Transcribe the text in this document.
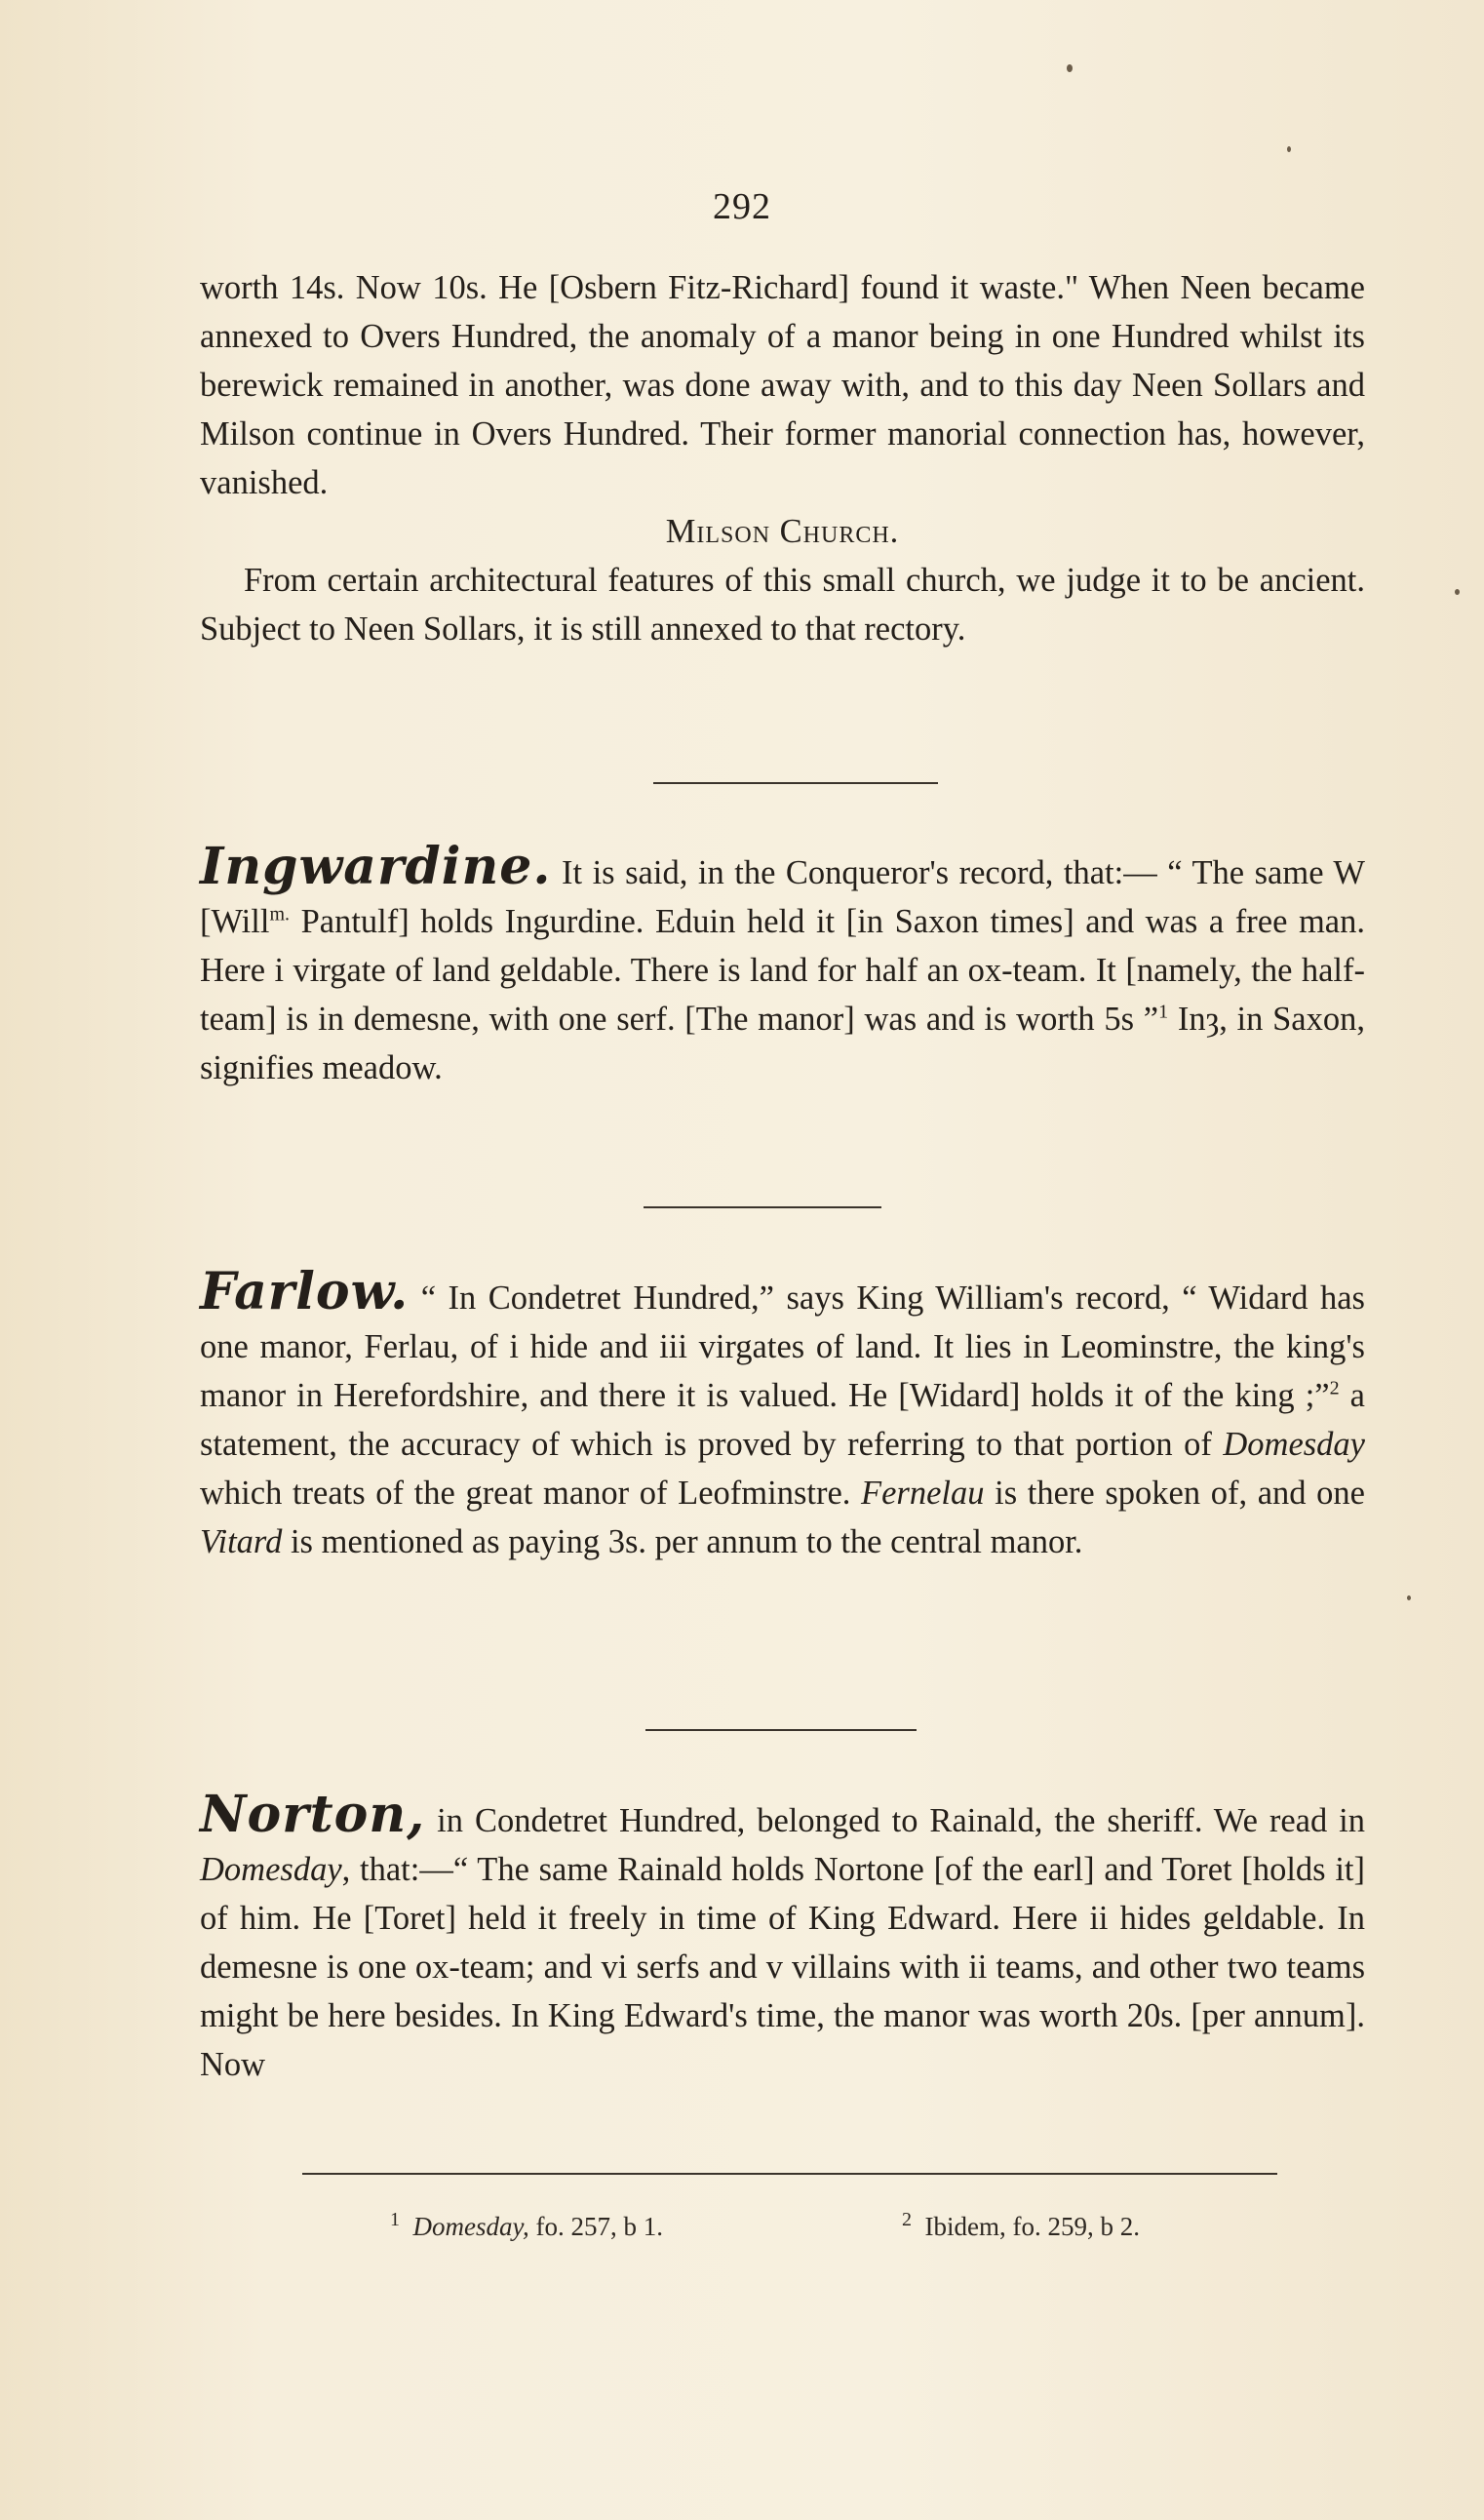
292

worth 14s. Now 10s. He [Osbern Fitz-Richard] found it waste." When Neen became annexed to Overs Hundred, the anomaly of a manor being in one Hundred whilst its berewick remained in another, was done away with, and to this day Neen Sollars and Milson continue in Overs Hundred. Their former manorial connection has, however, vanished.

Milson Church.

From certain architectural features of this small church, we judge it to be ancient. Subject to Neen Sollars, it is still annexed to that rectory.

Ingwardine. It is said, in the Conqueror's record, that:— “ The same W [Will$^{m.}$ Pantulf] holds Ingurdine. Eduin held it [in Saxon times] and was a free man. Here i virgate of land geldable. There is land for half an ox-team. It [namely, the half-team] is in demesne, with one serf. [The manor] was and is worth 5s ”$^1$ Inȝ, in Saxon, signifies meadow.

Farlow. “ In Condetret Hundred,” says King William's record, “ Widard has one manor, Ferlau, of i hide and iii virgates of land. It lies in Leominstre, the king's manor in Herefordshire, and there it is valued. He [Widard] holds it of the king ;”$^2$ a statement, the accuracy of which is proved by referring to that portion of Domesday which treats of the great manor of Leofminstre. Fernelau is there spoken of, and one Vitard is mentioned as paying 3s. per annum to the central manor.

Norton, in Condetret Hundred, belonged to Rainald, the sheriff. We read in Domesday, that:—“ The same Rainald holds Nortone [of the earl] and Toret [holds it] of him. He [Toret] held it freely in time of King Edward. Here ii hides geldable. In demesne is one ox-team; and vi serfs and v villains with ii teams, and other two teams might be here besides. In King Edward's time, the manor was worth 20s. [per annum]. Now

$^1$ Domesday, fo. 257, b 1.	$^2$  Ibidem, fo. 259, b 2.
